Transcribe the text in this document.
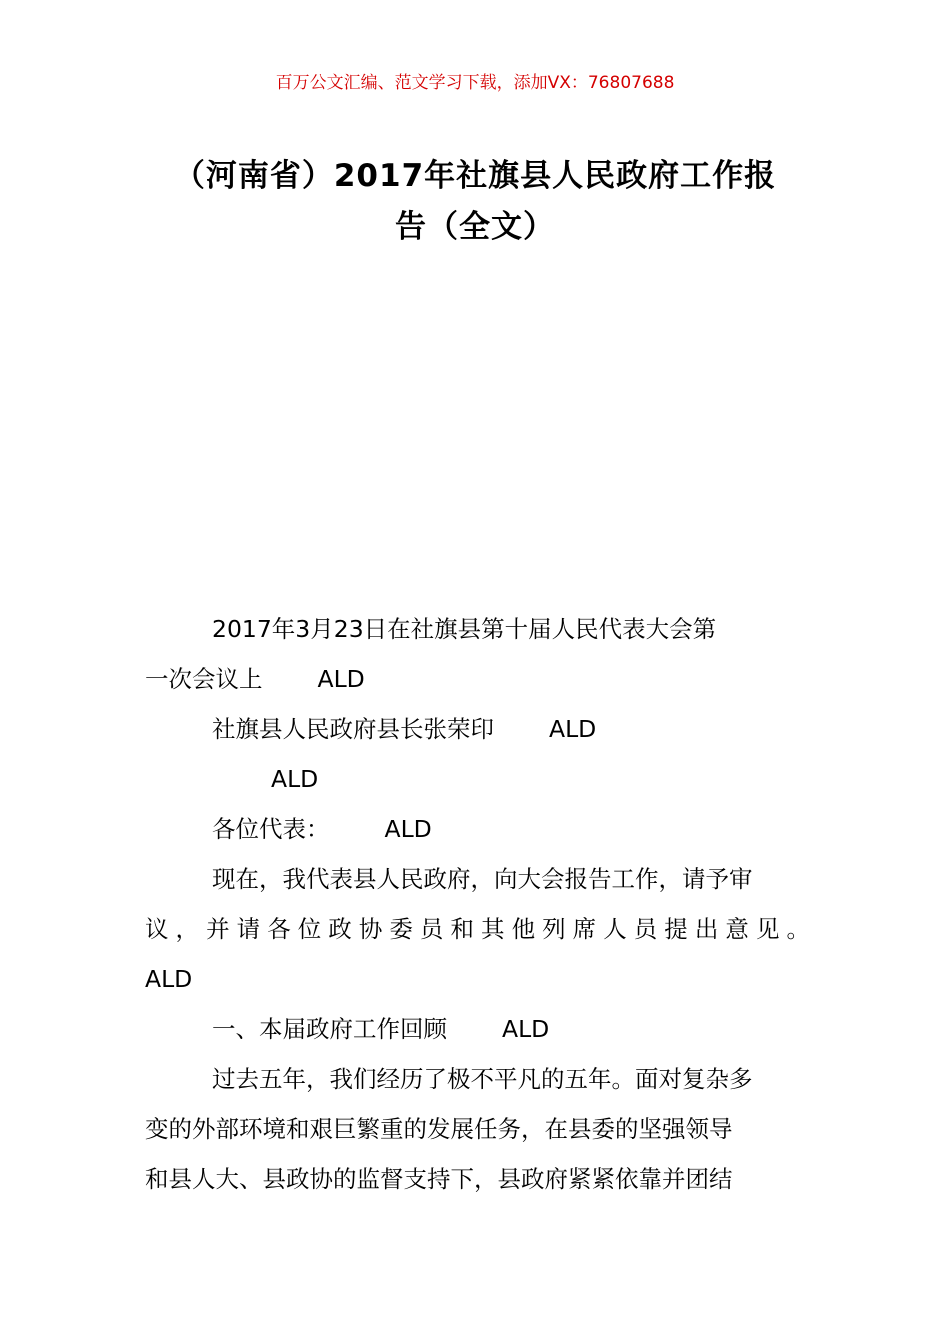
百万公文汇编、范文学习下载，添加VX：76807688
（河南省）2017年社旗县人民政府工作报
告（全文）
2017年3月23日在社旗县第十届人民代表大会第
一次会议上 ALD
社旗县人民政府县长张荣印 ALD
ALD
各位代表： ALD
现在，我代表县人民政府，向大会报告工作，请予审
议，并请各位政协委员和其他列席人员提出意见。
ALD
一、本届政府工作回顾 ALD
过去五年，我们经历了极不平凡的五年。面对复杂多
变的外部环境和艰巨繁重的发展任务，在县委的坚强领导
和县人大、县政协的监督支持下，县政府紧紧依靠并团结
